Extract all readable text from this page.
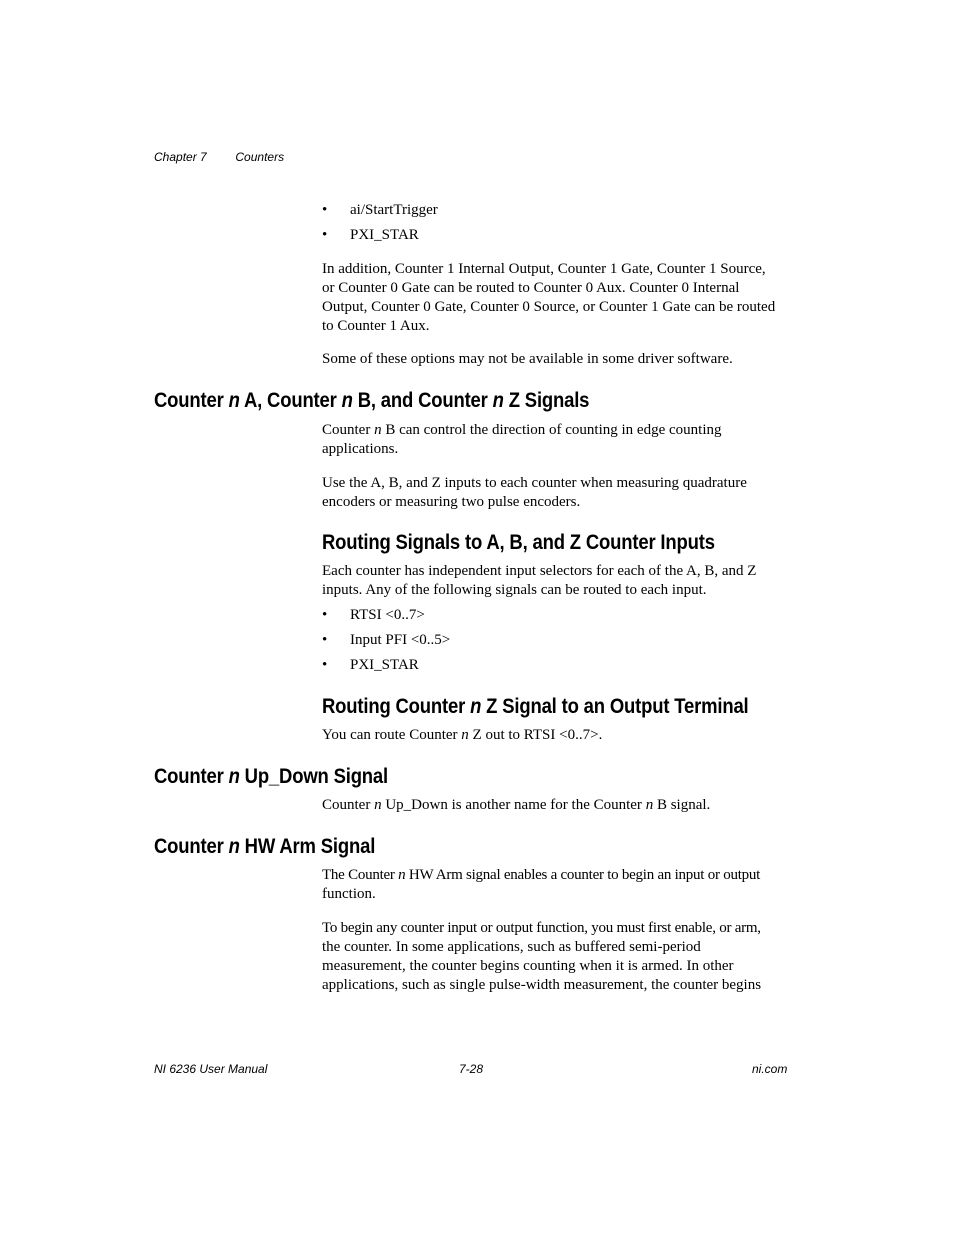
Chapter 7 Counters
• ai/StartTrigger
• PXI_STAR
In addition, Counter 1 Internal Output, Counter 1 Gate, Counter 1 Source,
or Counter 0 Gate can be routed to Counter 0 Aux. Counter 0 Internal
Output, Counter 0 Gate, Counter 0 Source, or Counter 1 Gate can be routed
to Counter 1 Aux.
Some of these options may not be available in some driver software.
Counter n A, Counter n B, and Counter n Z Signals
Counter n B can control the direction of counting in edge counting
applications.
Use the A, B, and Z inputs to each counter when measuring quadrature
encoders or measuring two pulse encoders.
Routing Signals to A, B, and Z Counter Inputs
Each counter has independent input selectors for each of the A, B, and Z
inputs. Any of the following signals can be routed to each input.
• RTSI <0..7>
• Input PFI <0..5>
• PXI_STAR
Routing Counter n Z Signal to an Output Terminal
You can route Counter n Z out to RTSI <0..7>.
Counter n Up_Down Signal
Counter n Up_Down is another name for the Counter n B signal.
Counter n HW Arm Signal
The Counter n HW Arm signal enables a counter to begin an input or output
function.
To begin any counter input or output function, you must first enable, or arm,
the counter. In some applications, such as buffered semi-period
measurement, the counter begins counting when it is armed. In other
applications, such as single pulse-width measurement, the counter begins
NI 6236 User Manual	7-28	ni.com
